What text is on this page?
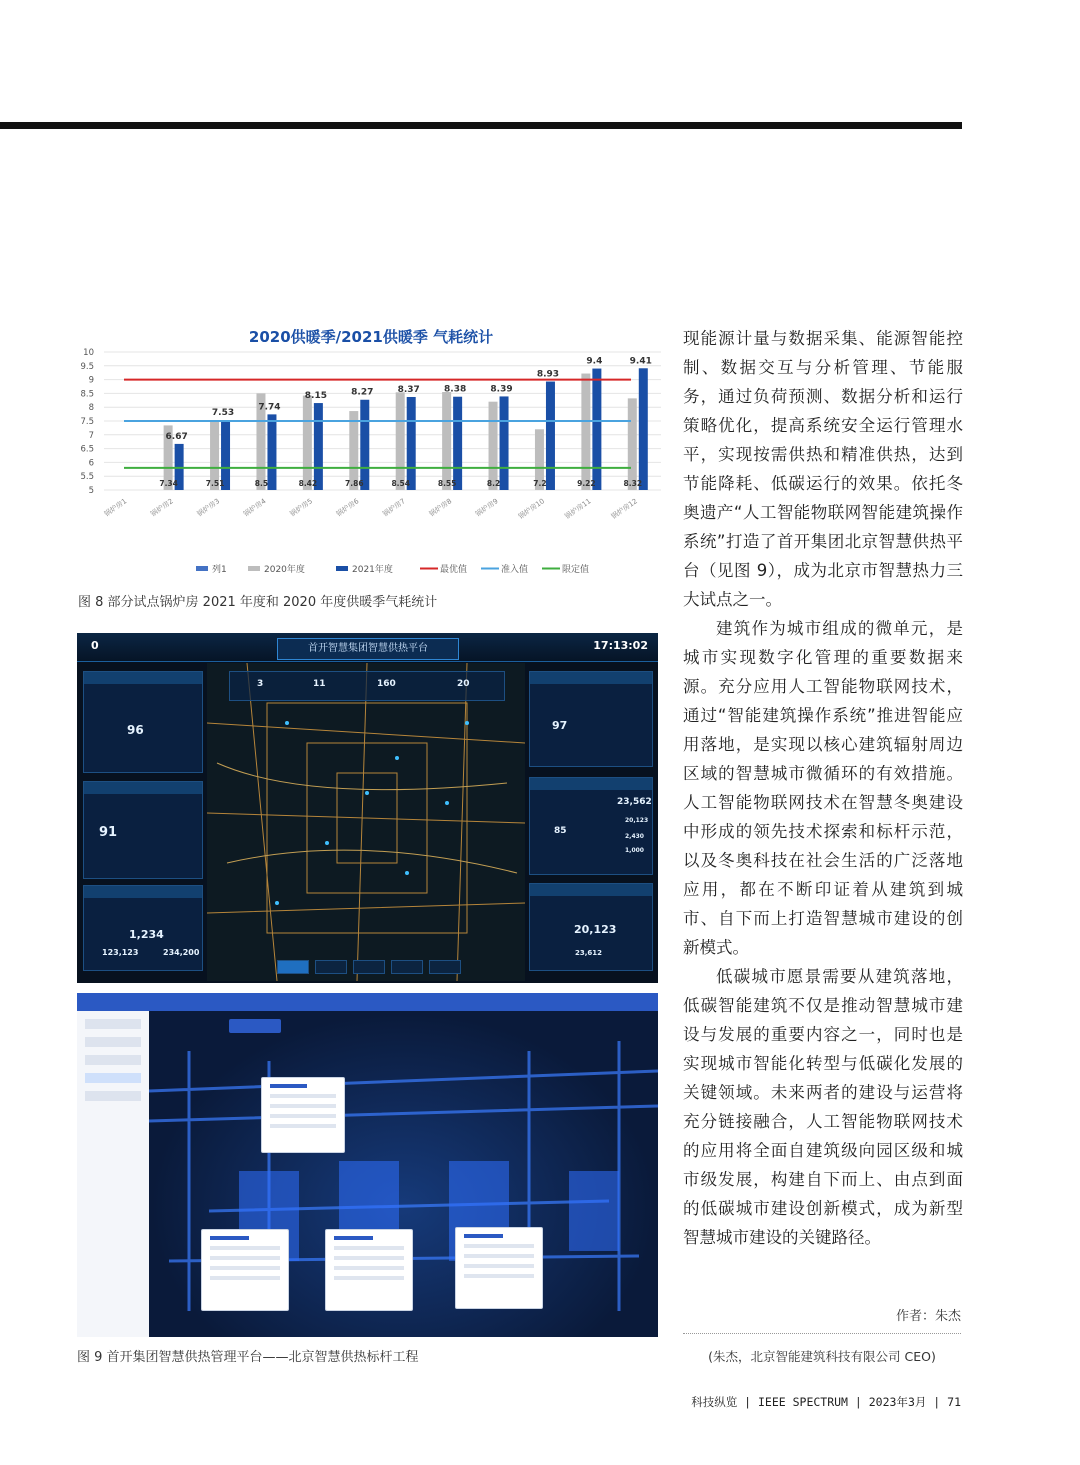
2020供暖季/2021供暖季 气耗统计
10
9.5
9
8.5
8
7.5
7
6.5
6
5.5
5
7.34
6.67
7.51
7.53
8.5
7.74
8.42
8.15
7.86
8.27
8.54
8.37
8.55
8.38
8.2
8.39
7.2
8.93
9.22
9.4
8.32
9.41
锅炉房1	锅炉房2	锅炉房3	锅炉房4	锅炉房5	锅炉房6	锅炉房7	锅炉房8	锅炉房9 锅炉房10 锅炉房11 锅炉房12
列1	2020年度	2021年度	最优值	准入值	限定值
图 8 部分试点锅炉房 2021 年度和 2020 年度供暖季气耗统计
0	首开智慧集团智慧供热平台	17:13:02
96
91
1,234
123,123	234,200
3	11	160	20
97
23,562
85
20,123
2,430
1,000
20,123
23,612
图 9 首开集团智慧供热管理平台——北京智慧供热标杆工程

现能源计量与数据采集、能源智能控制、数据交互与分析管理、节能服务，通过负荷预测、数据分析和运行策略优化，提高系统安全运行管理水平，实现按需供热和精准供热，达到节能降耗、低碳运行的效果。依托冬奥遗产“人工智能物联网智能建筑操作系统”打造了首开集团北京智慧供热平台（见图 9），成为北京市智慧热力三大试点之一。

建筑作为城市组成的微单元，是城市实现数字化管理的重要数据来源。充分应用人工智能物联网技术，通过“智能建筑操作系统”推进智能应用落地，是实现以核心建筑辐射周边区域的智慧城市微循环的有效措施。人工智能物联网技术在智慧冬奥建设中形成的领先技术探索和标杆示范，以及冬奥科技在社会生活的广泛落地应用，都在不断印证着从建筑到城市、自下而上打造智慧城市建设的创新模式。

低碳城市愿景需要从建筑落地，低碳智能建筑不仅是推动智慧城市建设与发展的重要内容之一，同时也是实现城市智能化转型与低碳化发展的关键领域。未来两者的建设与运营将充分链接融合，人工智能物联网技术的应用将全面自建筑级向园区级和城市级发展，构建自下而上、由点到面的低碳城市建设创新模式，成为新型智慧城市建设的关键路径。

作者：朱杰
(朱杰，北京智能建筑科技有限公司 CEO)
科技纵览 | IEEE SPECTRUM | 2023年3月 | 71
